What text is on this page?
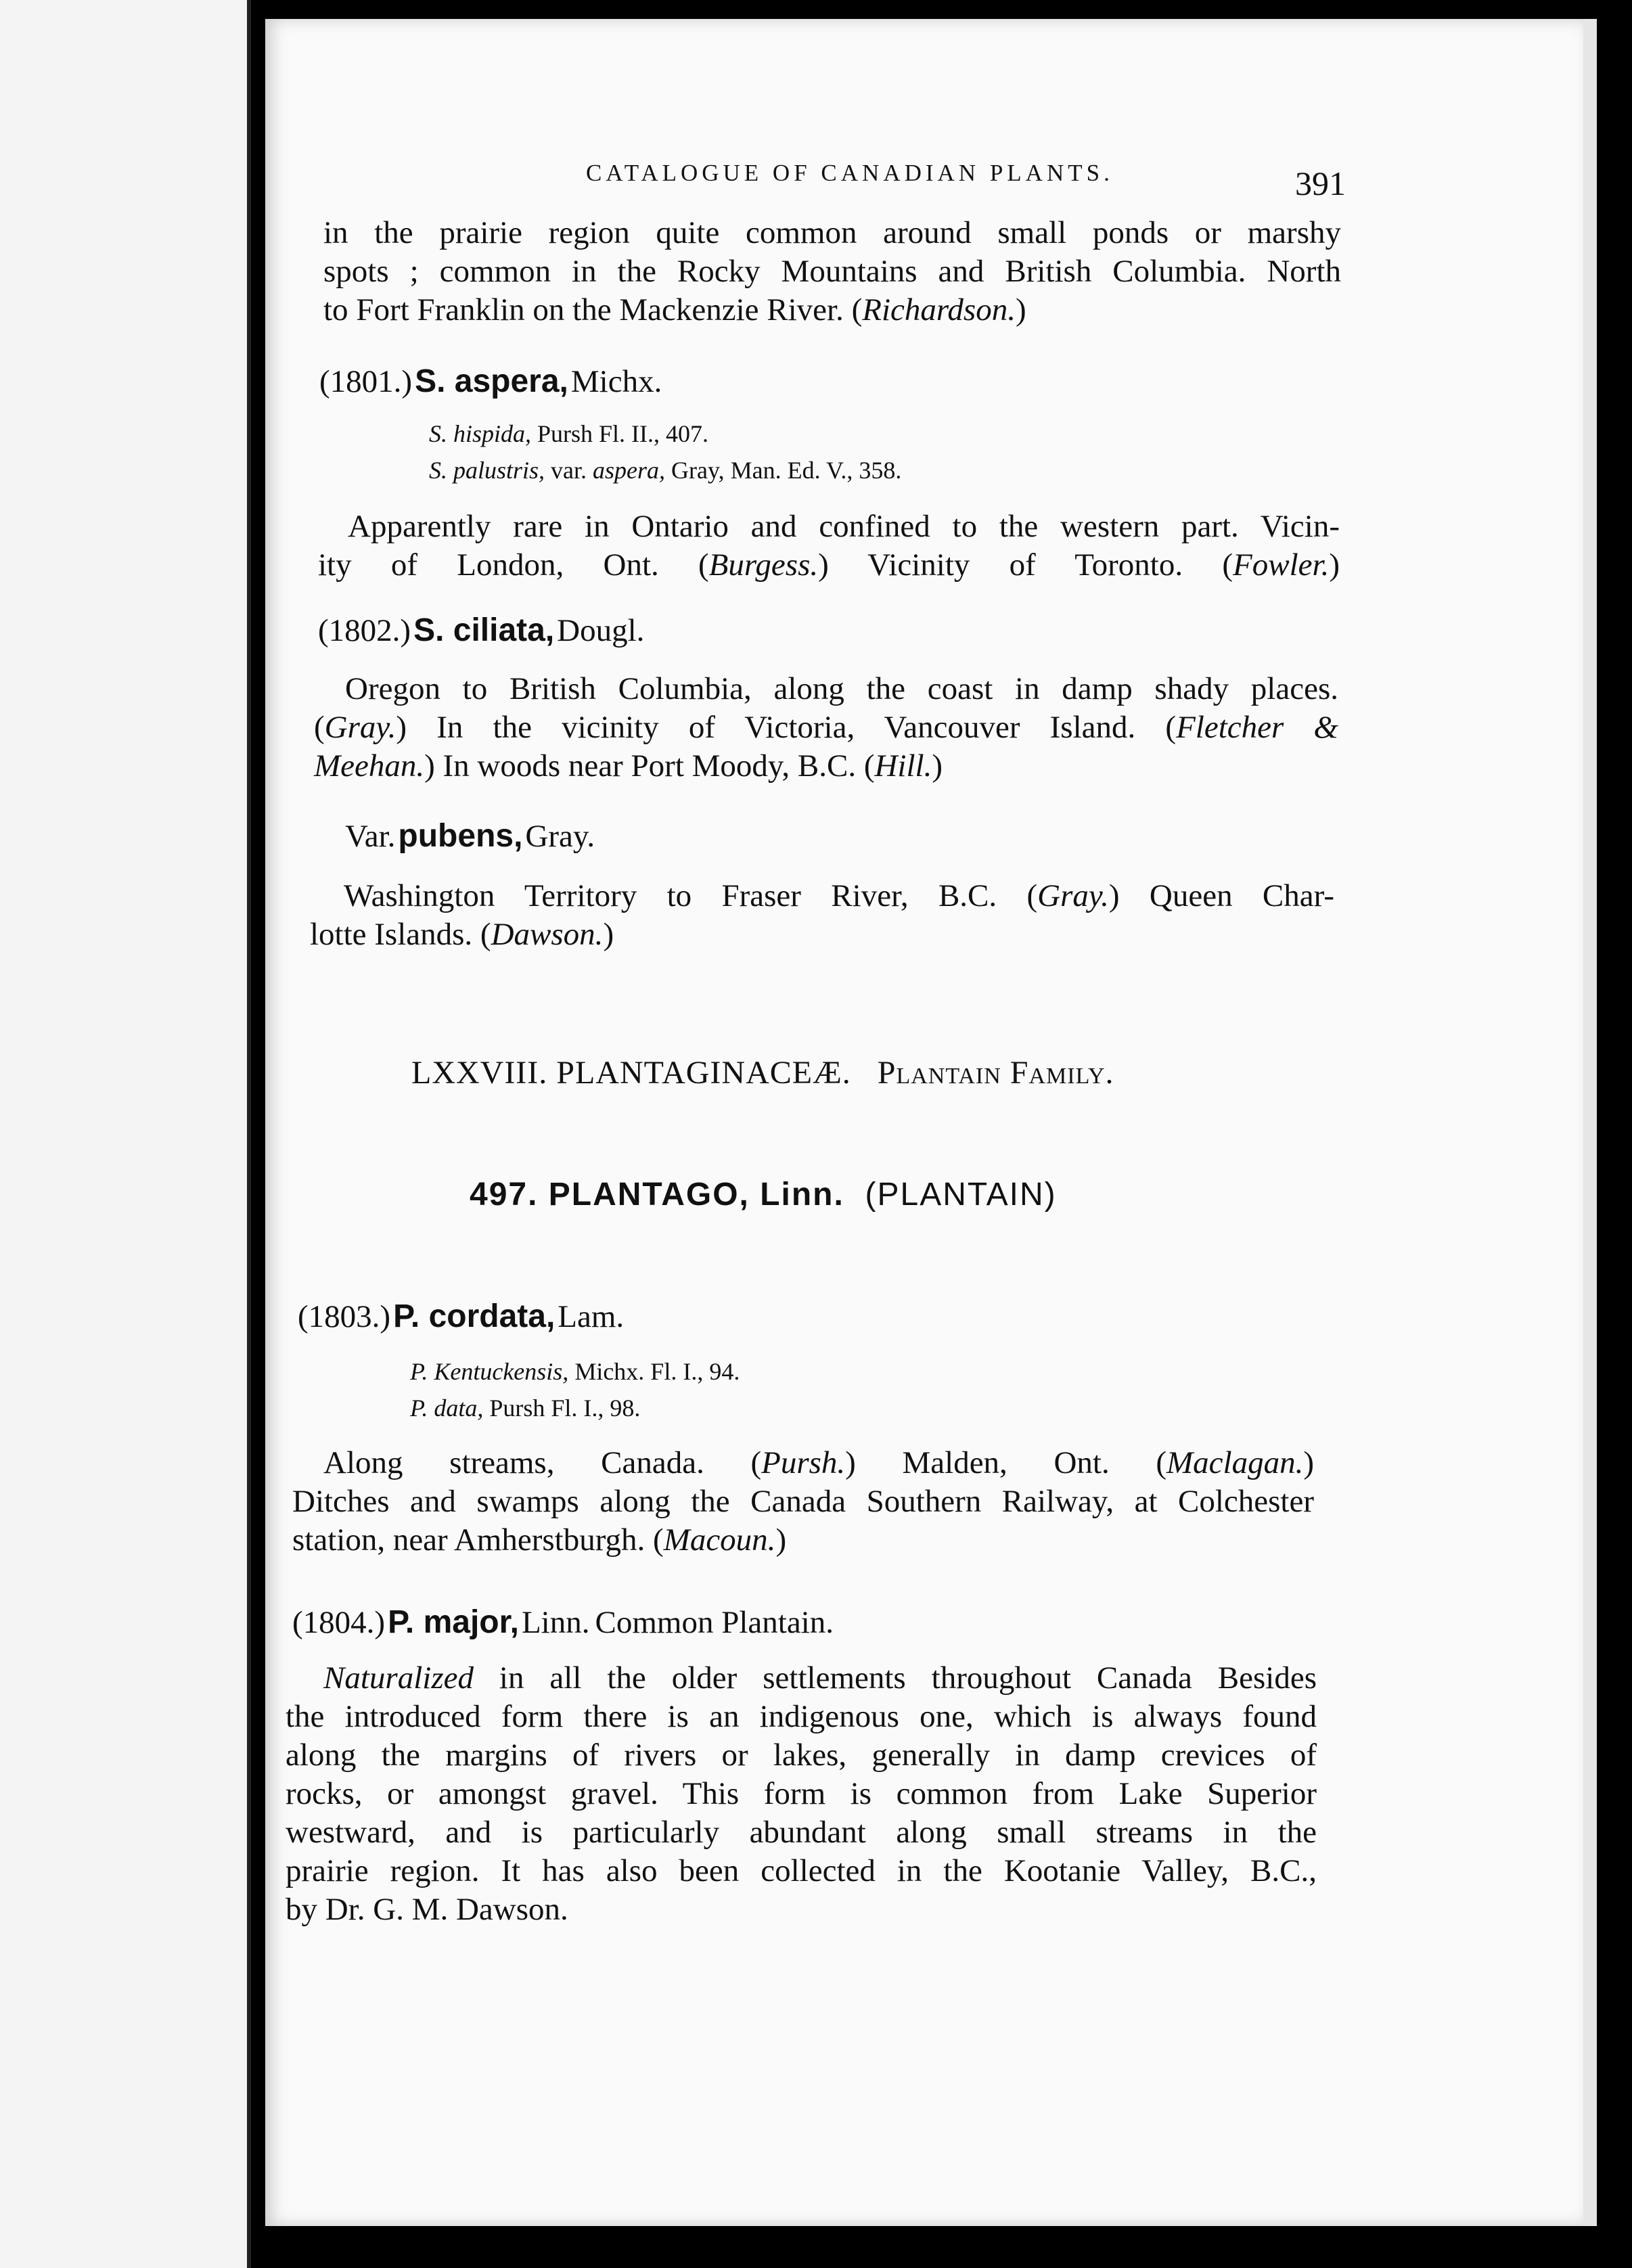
CATALOGUE OF CANADIAN PLANTS.	391
in the prairie region quite common around small ponds or marshy
spots ; common in the Rocky Mountains and British Columbia. North
to Fort Franklin on the Mackenzie River. (Richardson.)
(1801.) S. aspera, Michx.
S. hispida, Pursh Fl. II., 407.
S. palustris, var. aspera, Gray, Man. Ed. V., 358.
Apparently rare in Ontario and confined to the western part. Vicin-
ity of London, Ont. (Burgess.) Vicinity of Toronto. (Fowler.)
(1802.) S. ciliata, Dougl.
Oregon to British Columbia, along the coast in damp shady places.
(Gray.) In the vicinity of Victoria, Vancouver Island. (Fletcher &
Meehan.) In woods near Port Moody, B.C. (Hill.)
Var. pubens, Gray.
Washington Territory to Fraser River, B.C. (Gray.) Queen Char-
lotte Islands. (Dawson.)
LXXVIII. PLANTAGINACEÆ. Plantain Family.
497. PLANTAGO, Linn. (PLANTAIN)
(1803.) P. cordata, Lam.
P. Kentuckensis, Michx. Fl. I., 94.
P. data, Pursh Fl. I., 98.
Along streams, Canada. (Pursh.) Malden, Ont. (Maclagan.)
Ditches and swamps along the Canada Southern Railway, at Colchester
station, near Amherstburgh. (Macoun.)
(1804.) P. major, Linn. Common Plantain.
Naturalized in all the older settlements throughout Canada Besides
the introduced form there is an indigenous one, which is always found
along the margins of rivers or lakes, generally in damp crevices of
rocks, or amongst gravel. This form is common from Lake Superior
westward, and is particularly abundant along small streams in the
prairie region. It has also been collected in the Kootanie Valley, B.C.,
by Dr. G. M. Dawson.
